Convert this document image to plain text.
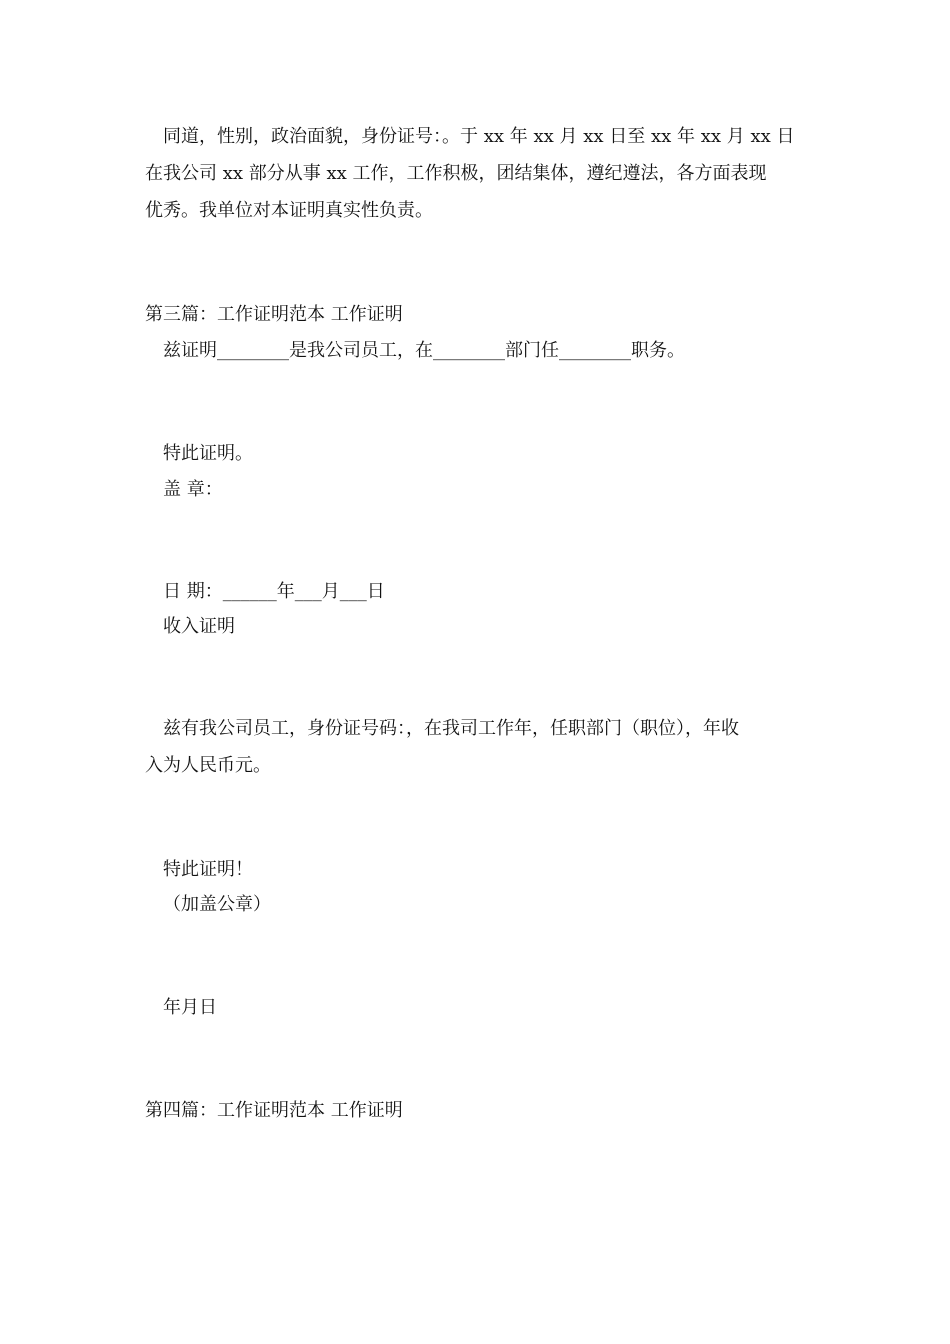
同道，性别，政治面貌，身份证号：。于 xx 年 xx 月 xx 日至 xx 年 xx 月 xx 日
在我公司 xx 部分从事 xx 工作，工作积极，团结集体，遵纪遵法，各方面表现
优秀。我单位对本证明真实性负责。
第三篇：工作证明范本 工作证明
兹证明________是我公司员工，在________部门任________职务。
特此证明。
盖 章：
日 期：______年___月___日
收入证明
兹有我公司员工，身份证号码：，在我司工作年，任职部门（职位），年收
入为人民币元。
特此证明！
（加盖公章）
年月日
第四篇：工作证明范本 工作证明
